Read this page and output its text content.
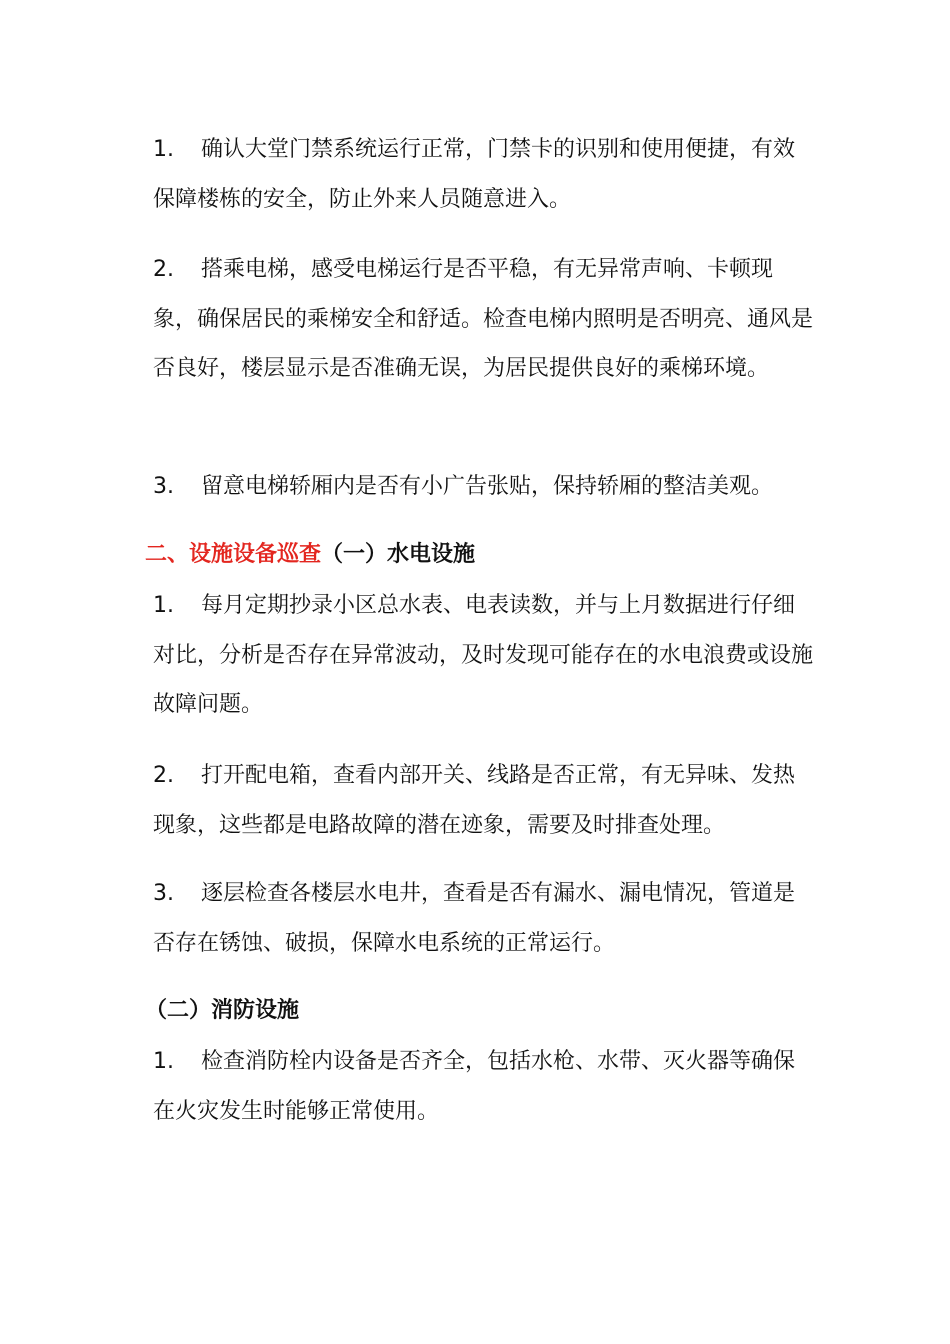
1. 确认大堂门禁系统运行正常，门禁卡的识别和使用便捷，有效保障楼栋的安全，防止外来人员随意进入。

2. 搭乘电梯，感受电梯运行是否平稳，有无异常声响、卡顿现象，确保居民的乘梯安全和舒适。检查电梯内照明是否明亮、通风是否良好，楼层显示是否准确无误，为居民提供良好的乘梯环境。

3. 留意电梯轿厢内是否有小广告张贴，保持轿厢的整洁美观。

二、设施设备巡查（一）水电设施

1. 每月定期抄录小区总水表、电表读数，并与上月数据进行仔细对比，分析是否存在异常波动，及时发现可能存在的水电浪费或设施故障问题。

2. 打开配电箱，查看内部开关、线路是否正常，有无异味、发热现象，这些都是电路故障的潜在迹象，需要及时排查处理。

3. 逐层检查各楼层水电井，查看是否有漏水、漏电情况，管道是否存在锈蚀、破损，保障水电系统的正常运行。

（二）消防设施

1. 检查消防栓内设备是否齐全，包括水枪、水带、灭火器等确保在火灾发生时能够正常使用。
